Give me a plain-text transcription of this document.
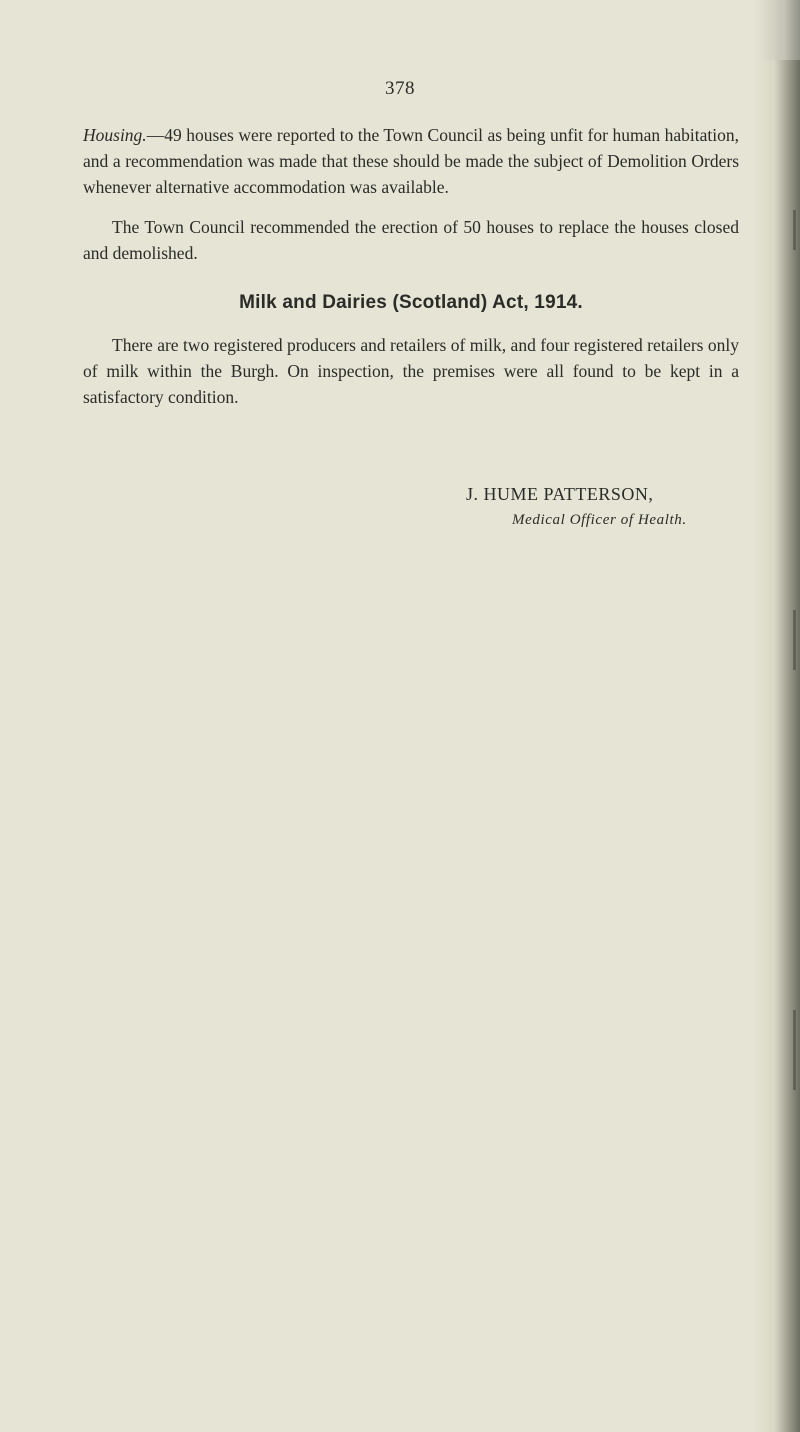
378

Housing.—49 houses were reported to the Town Council as being unfit for human habitation, and a recommendation was made that these should be made the subject of Demolition Orders whenever alternative accommodation was available.

The Town Council recommended the erection of 50 houses to replace the houses closed and demolished.

Milk and Dairies (Scotland) Act, 1914.

There are two registered producers and retailers of milk, and four registered retailers only of milk within the Burgh. On inspection, the premises were all found to be kept in a satisfactory condition.

J. HUME PATTERSON,
Medical Officer of Health.
